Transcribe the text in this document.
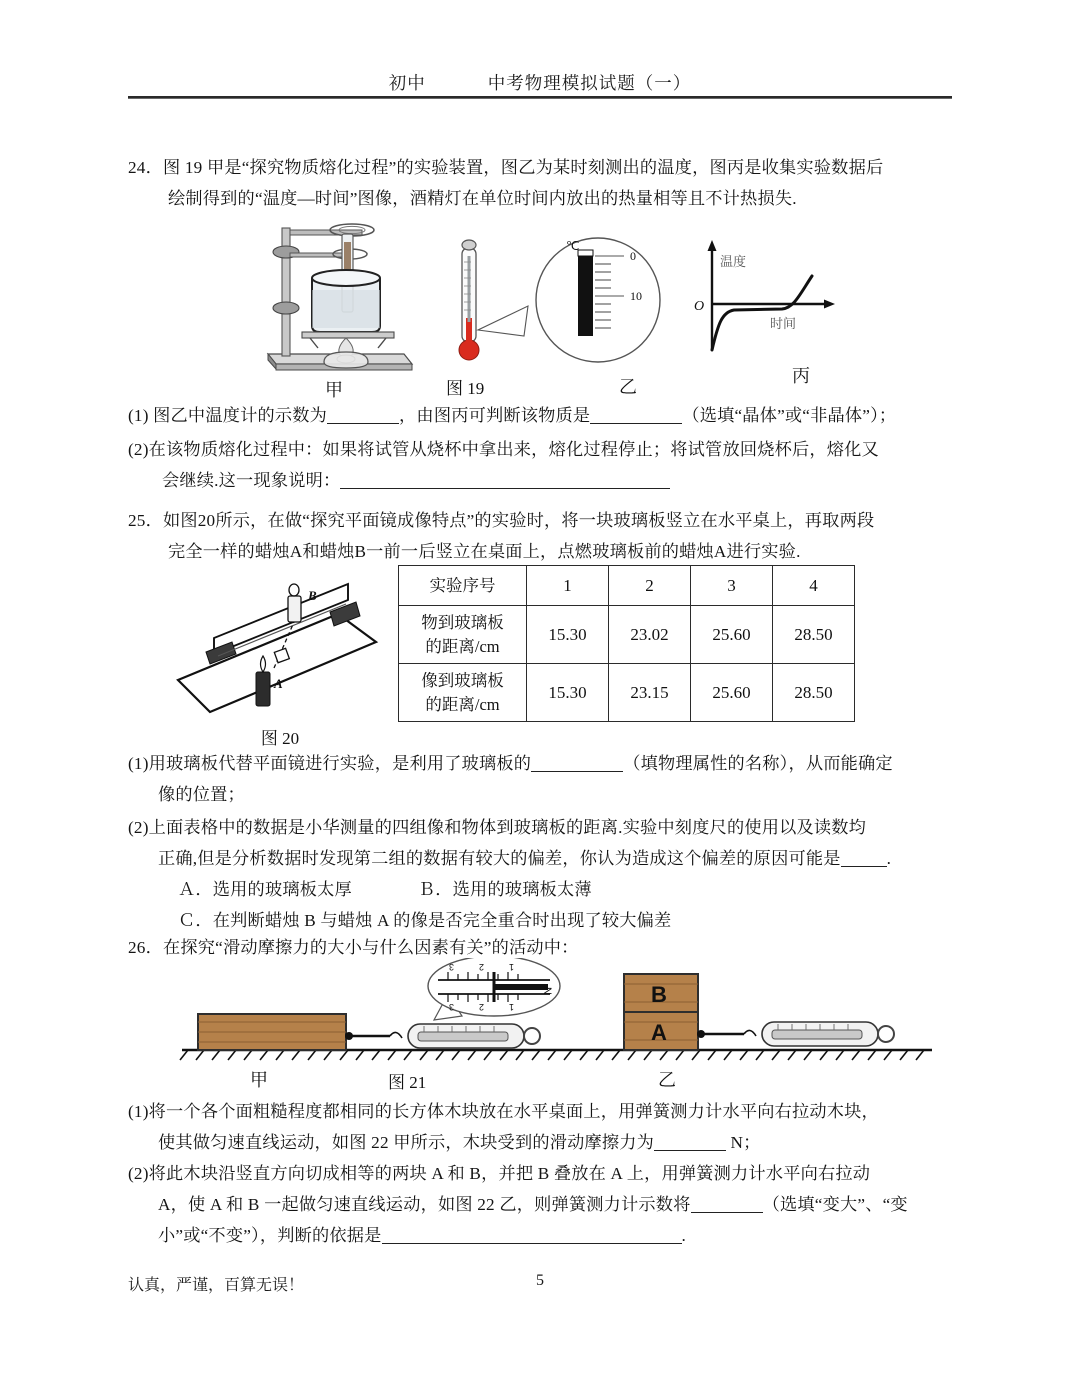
初中	中考物理模拟试题（一）
24．图 19 甲是“探究物质熔化过程”的实验装置，图乙为某时刻测出的温度，图丙是收集实验数据后
绘制得到的“温度—时间”图像，酒精灯在单位时间内放出的热量相等且不计热损失.
甲
℃
0
10
乙
温度
时间
O
丙
图 19
(1) 图乙中温度计的示数为	，由图丙可判断该物质是	（选填“晶体”或“非晶体”）；
(2)在该物质熔化过程中：如果将试管从烧杯中拿出来，熔化过程停止；将试管放回烧杯后，熔化又
会继续.这一现象说明：
25．如图20所示，在做“探究平面镜成像特点”的实验时，将一块玻璃板竖立在水平桌上，再取两段
完全一样的蜡烛A和蜡烛B一前一后竖立在桌面上，点燃玻璃板前的蜡烛A进行实验.
B
A
图 20
实验序号	1	2	3	4

物到玻璃板
的距离/cm	15.30	23.02	25.60	28.50

像到玻璃板
的距离/cm	15.30	23.15	25.60	28.50
(1)用玻璃板代替平面镜进行实验，是利用了玻璃板的	（填物理属性的名称），从而能确定
像的位置；
(2)上面表格中的数据是小华测量的四组像和物体到玻璃板的距离.实验中刻度尺的使用以及读数均
正确,但是分析数据时发现第二组的数据有较大的偏差，你认为造成这个偏差的原因可能是	.
Ａ．选用的玻璃板太厚	Ｂ．选用的玻璃板太薄
Ｃ．在判断蜡烛 B 与蜡烛 A 的像是否完全重合时出现了较大偏差
26．在探究“滑动摩擦力的大小与什么因素有关”的活动中：
N
3	2	1
3	2	1	B
A
甲	图 21	乙
(1)将一个各个面粗糙程度都相同的长方体木块放在水平桌面上，用弹簧测力计水平向右拉动木块，
使其做匀速直线运动，如图 22 甲所示，木块受到的滑动摩擦力为	N；
(2)将此木块沿竖直方向切成相等的两块 A 和 B，并把 B 叠放在 A 上，用弹簧测力计水平向右拉动
A，使 A 和 B 一起做匀速直线运动，如图 22 乙，则弹簧测力计示数将	（选填“变大”、“变
小”或“不变”），判断的依据是	.
认真，严谨，百算无误！	5
